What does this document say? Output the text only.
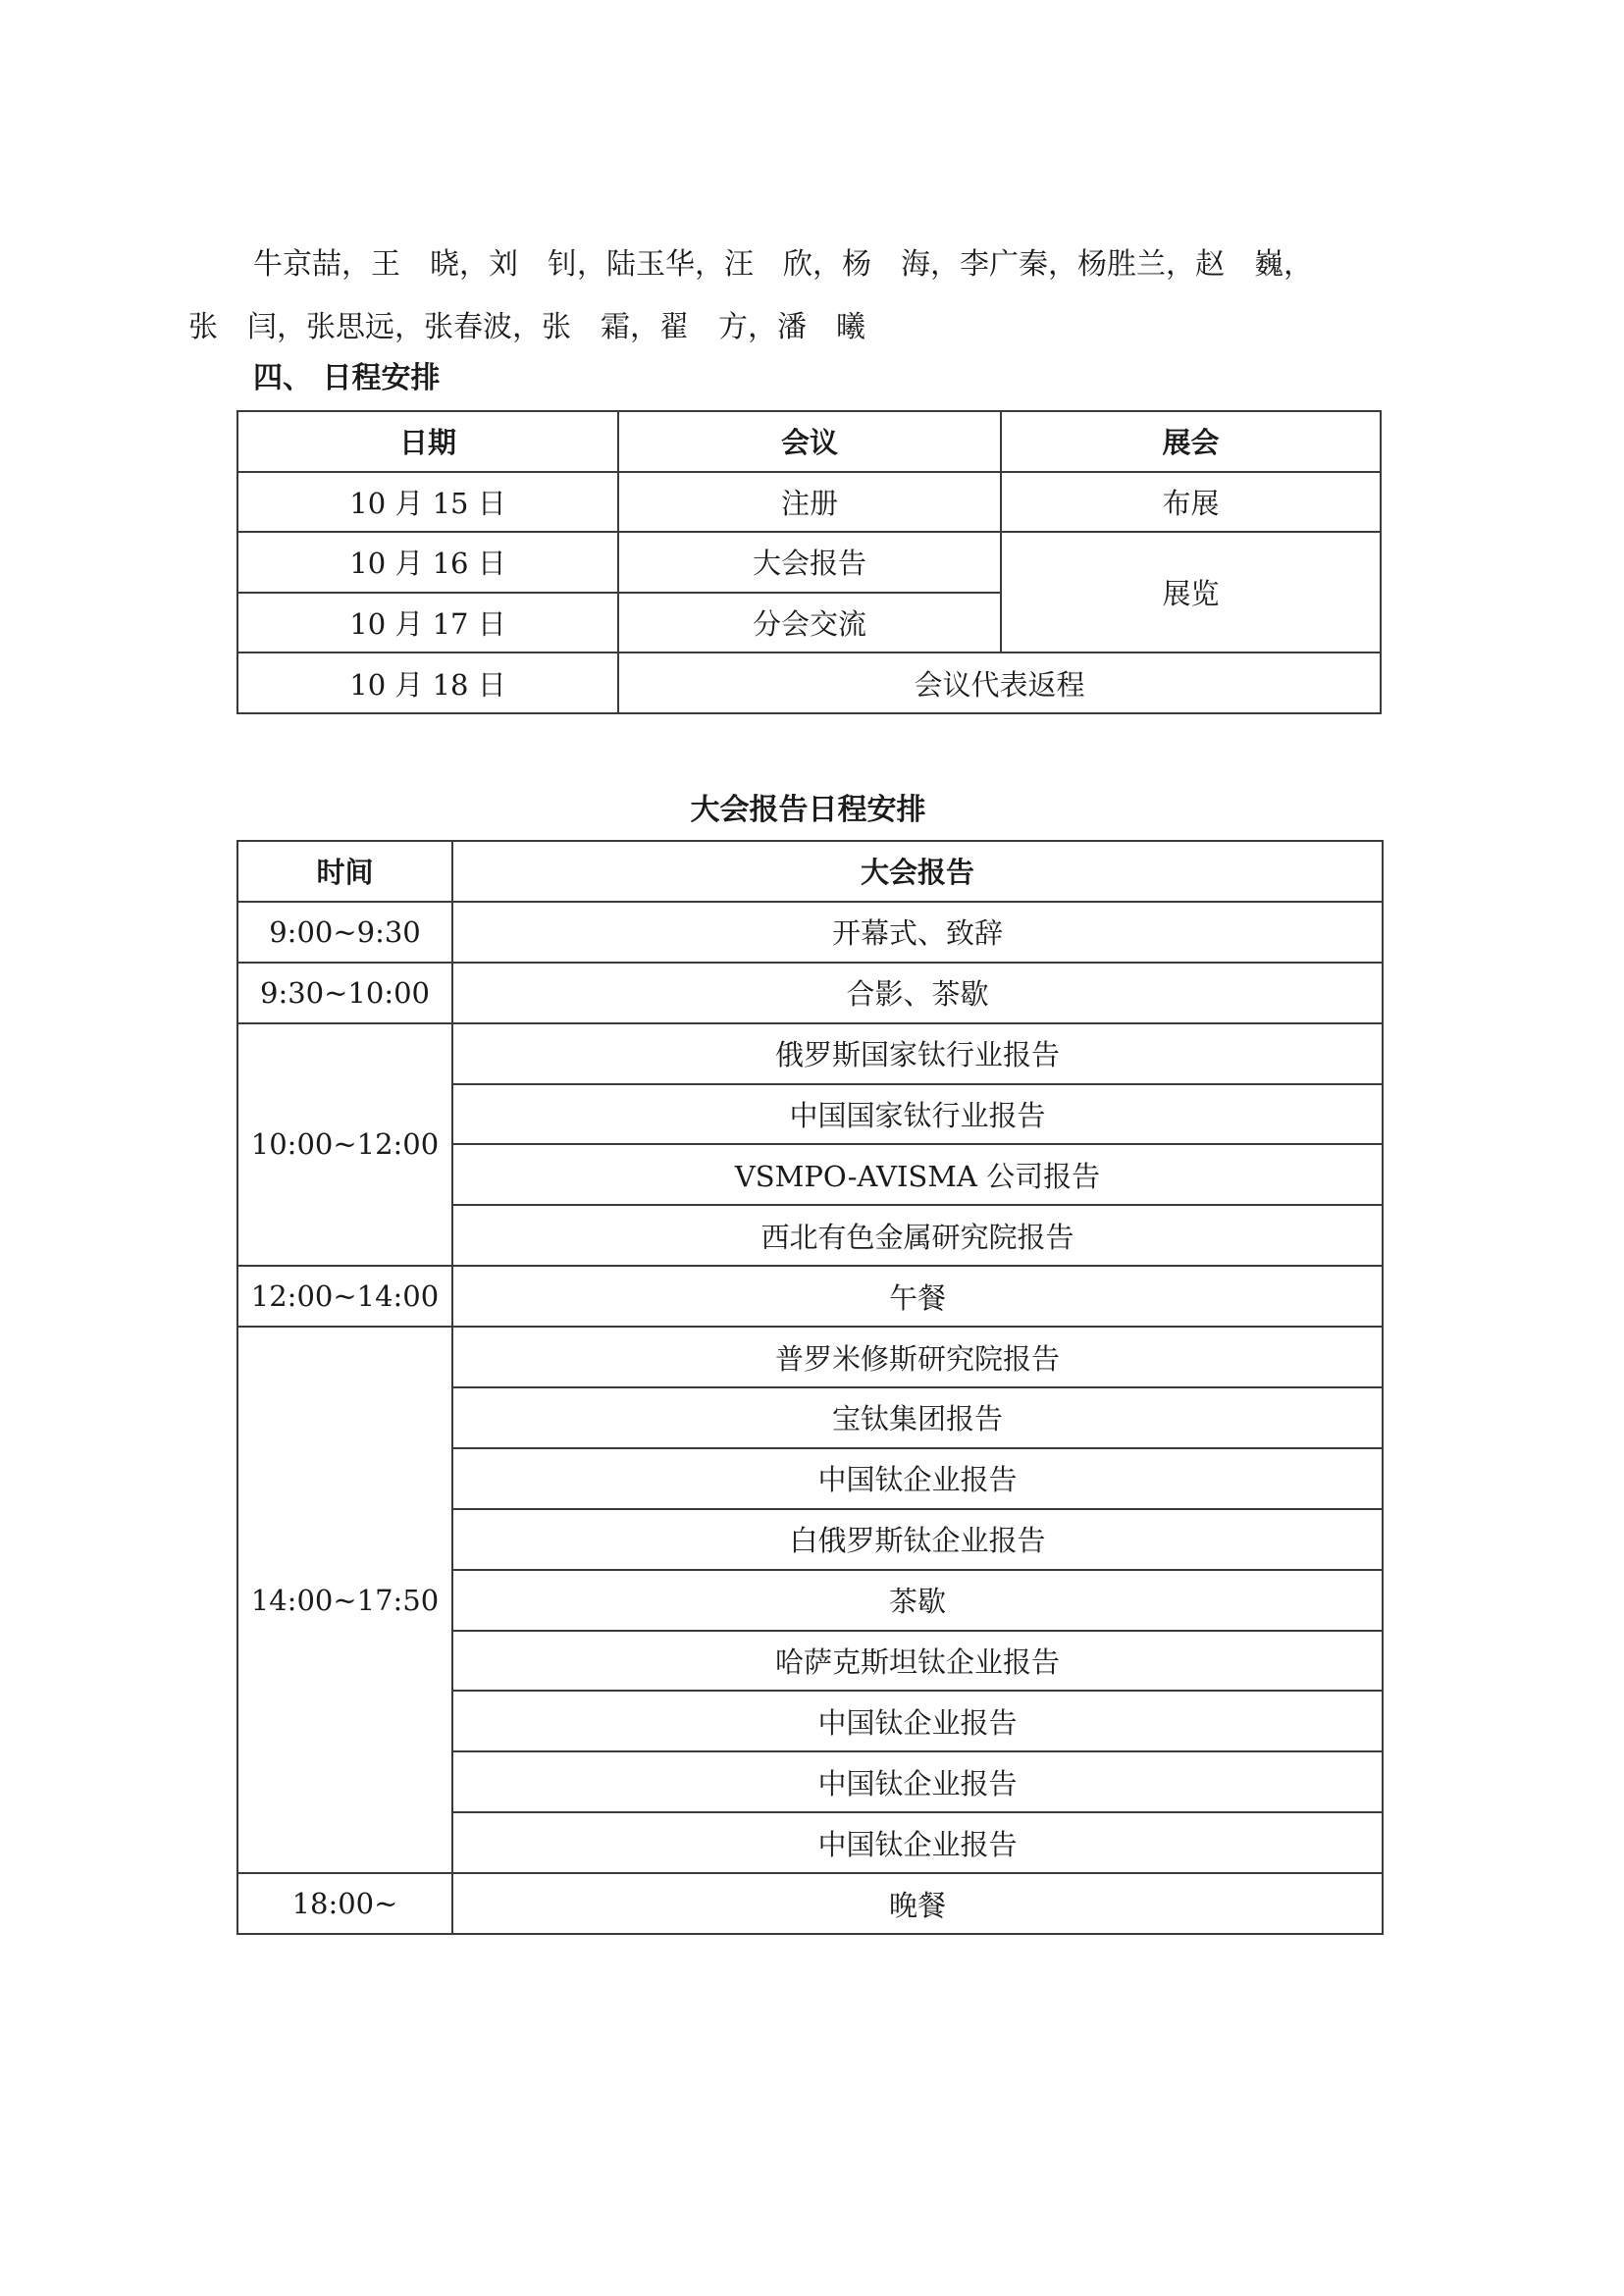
牛京喆，王　晓，刘　钊，陆玉华，汪　欣，杨　海，李广秦，杨胜兰，赵　巍，张　闫，张思远，张春波，张　霜，翟　方，潘　曦
四、 日程安排
日期	会议	展会
10 月 15 日	注册	布展
10 月 16 日	大会报告	展览
10 月 17 日	分会交流	
10 月 18 日	会议代表返程	
大会报告日程安排
时间	大会报告
9:00~9:30	开幕式、致辞
9:30~10:00	合影、茶歇
10:00~12:00	俄罗斯国家钛行业报告
	中国国家钛行业报告
	VSMPO-AVISMA 公司报告
	西北有色金属研究院报告
12:00~14:00	午餐
14:00~17:50	普罗米修斯研究院报告
	宝钛集团报告
	中国钛企业报告
	白俄罗斯钛企业报告
	茶歇
	哈萨克斯坦钛企业报告
	中国钛企业报告
	中国钛企业报告
	中国钛企业报告
18:00~	晚餐
